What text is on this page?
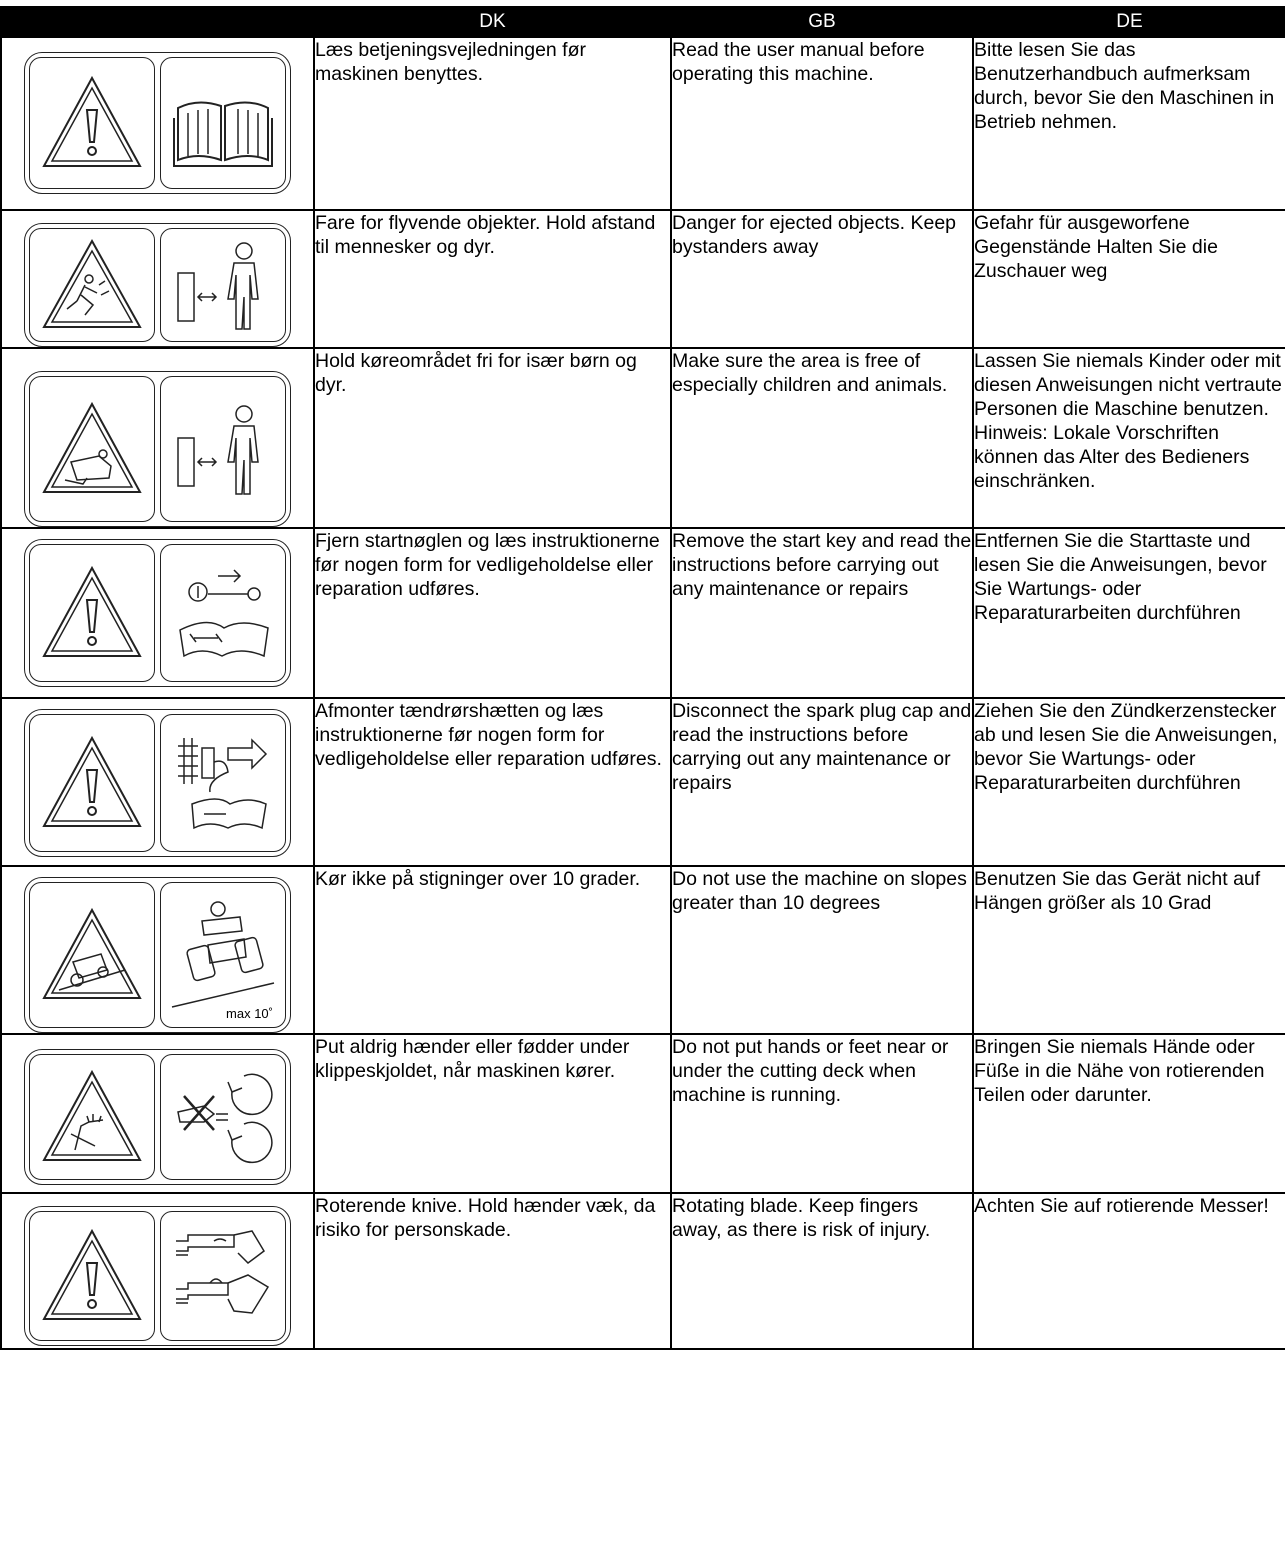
	DK	GB	DE

	Læs betjeningsvejledningen før maskinen benyttes.	Read the user manual before operating this machine.	Bitte lesen Sie das Benutzerhandbuch aufmerksam durch, bevor Sie den Maschinen in Betrieb nehmen.

	Fare for flyvende objekter. Hold afstand til mennesker og dyr.	Danger for ejected objects. Keep bystanders away	Gefahr für ausgeworfene Gegenstände Halten Sie die Zuschauer weg

	Hold køreområdet fri for især børn og dyr.	Make sure the area is free of especially children and animals.	Lassen Sie niemals Kinder oder mit diesen Anweisungen nicht vertraute Personen die Maschine benutzen. Hinweis: Lokale Vorschriften können das Alter des Bedieners einschränken.

	Fjern startnøglen og læs instruktionerne før nogen form for vedligeholdelse eller reparation udføres.	Remove the start key and read the instructions before carrying out any maintenance or repairs	Entfernen Sie die Starttaste und lesen Sie die Anweisungen, bevor Sie Wartungs- oder Reparaturarbeiten durchführen

	Afmonter tændrørshætten og læs instruktionerne før nogen form for vedligeholdelse eller reparation udføres.	Disconnect the spark plug cap and read the instructions before carrying out any maintenance or repairs	Ziehen Sie den Zündkerzenstecker ab und lesen Sie die Anweisungen, bevor Sie Wartungs- oder Reparaturarbeiten durchführen

max 10˚	Kør ikke på stigninger over 10 grader.	Do not use the machine on slopes greater than 10 degrees	Benutzen Sie das Gerät nicht auf Hängen größer als 10 Grad

	Put aldrig hænder eller fødder under klippeskjoldet, når maskinen kører.	Do not put hands or feet near or under the cutting deck when machine is running.	Bringen Sie niemals Hände oder Füße in die Nähe von rotierenden Teilen oder darunter.

	Roterende knive. Hold hænder væk, da risiko for personskade.	Rotating blade. Keep fingers away, as there is risk of injury.	Achten Sie auf rotierende Messer!
